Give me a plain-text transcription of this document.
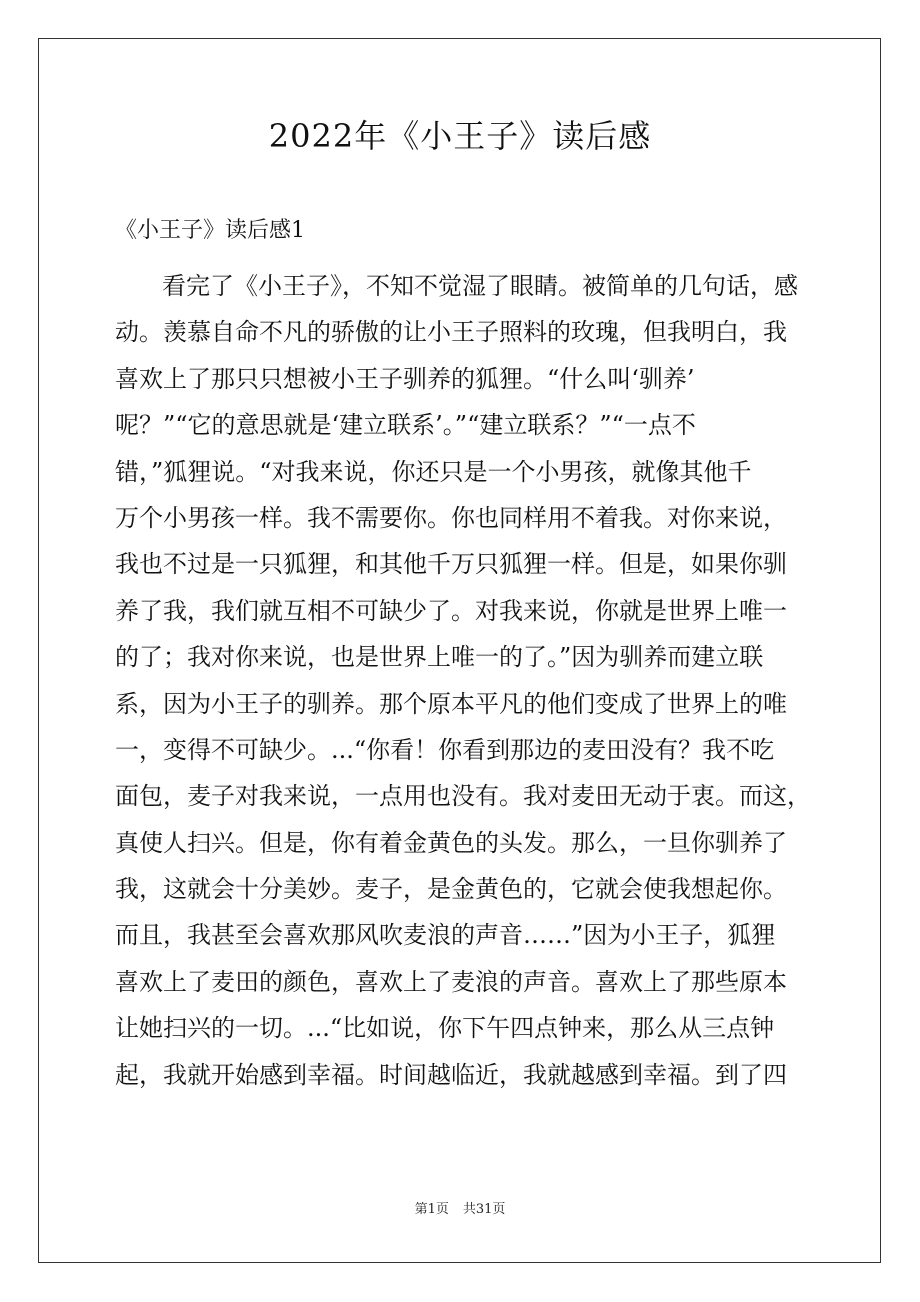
2022年《小王子》读后感
《小王子》读后感1
看完了《小王子》，不知不觉湿了眼睛。被简单的几句话，感
动。羡慕自命不凡的骄傲的让小王子照料的玫瑰，但我明白，我
喜欢上了那只只想被小王子驯养的狐狸。“什么叫‘驯养’
呢？”“它的意思就是‘建立联系’。”“建立联系？”“一点不
错，”狐狸说。“对我来说，你还只是一个小男孩，就像其他千
万个小男孩一样。我不需要你。你也同样用不着我。对你来说，
我也不过是一只狐狸，和其他千万只狐狸一样。但是，如果你驯
养了我，我们就互相不可缺少了。对我来说，你就是世界上唯一
的了；我对你来说，也是世界上唯一的了。”因为驯养而建立联
系，因为小王子的驯养。那个原本平凡的他们变成了世界上的唯
一，变得不可缺少。...“你看！你看到那边的麦田没有？我不吃
面包，麦子对我来说，一点用也没有。我对麦田无动于衷。而这，
真使人扫兴。但是，你有着金黄色的头发。那么，一旦你驯养了
我，这就会十分美妙。麦子，是金黄色的，它就会使我想起你。
而且，我甚至会喜欢那风吹麦浪的声音……”因为小王子，狐狸
喜欢上了麦田的颜色，喜欢上了麦浪的声音。喜欢上了那些原本
让她扫兴的一切。...“比如说，你下午四点钟来，那么从三点钟
起，我就开始感到幸福。时间越临近，我就越感到幸福。到了四
第1页 共31页
